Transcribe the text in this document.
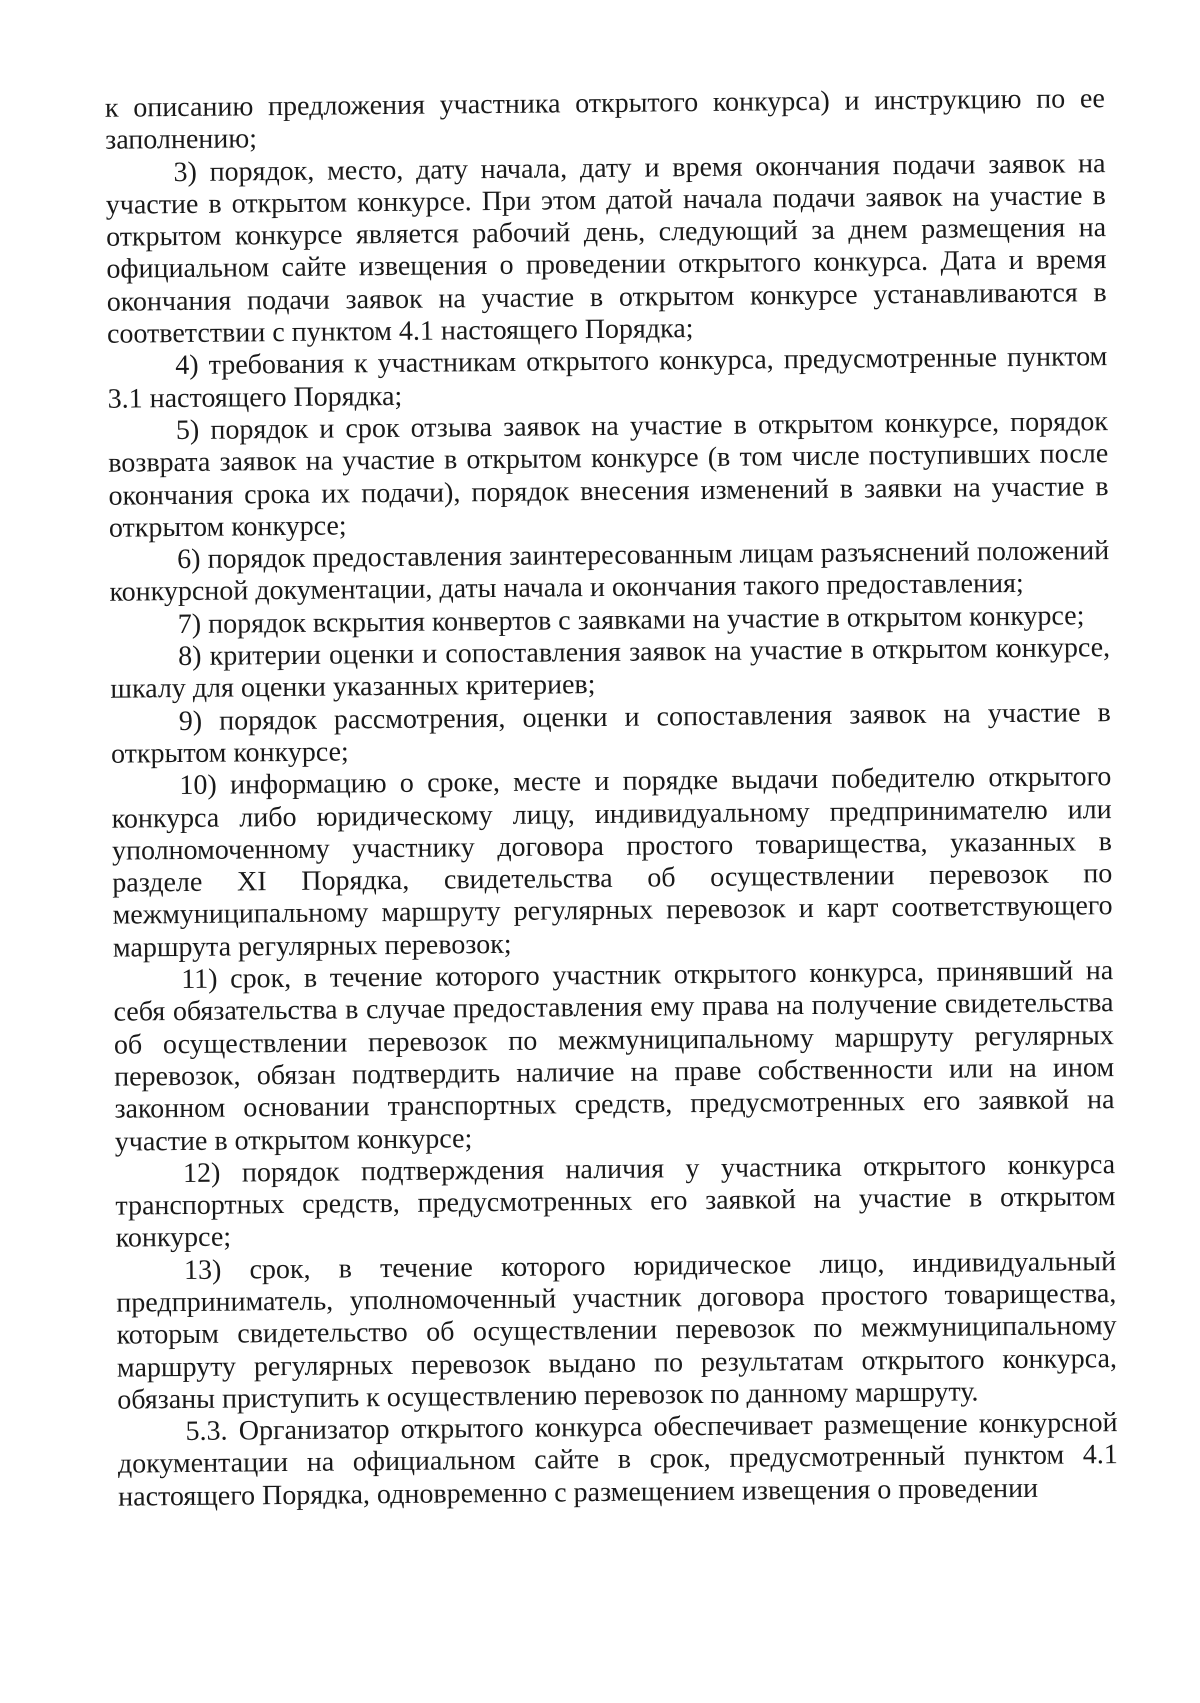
к описанию предложения участника открытого конкурса) и инструкцию по ее заполнению;

3) порядок, место, дату начала, дату и время окончания подачи заявок на участие в открытом конкурсе. При этом датой начала подачи заявок на участие в открытом конкурсе является рабочий день, следующий за днем размещения на официальном сайте извещения о проведении открытого конкурса. Дата и время окончания подачи заявок на участие в открытом конкурсе устанавливаются в соответствии с пунктом 4.1 настоящего Порядка;

4) требования к участникам открытого конкурса, предусмотренные пунктом 3.1 настоящего Порядка;

5) порядок и срок отзыва заявок на участие в открытом конкурсе, порядок возврата заявок на участие в открытом конкурсе (в том числе поступивших после окончания срока их подачи), порядок внесения изменений в заявки на участие в открытом конкурсе;

6) порядок предоставления заинтересованным лицам разъяснений положений конкурсной документации, даты начала и окончания такого предоставления;

7) порядок вскрытия конвертов с заявками на участие в открытом конкурсе;

8) критерии оценки и сопоставления заявок на участие в открытом конкурсе, шкалу для оценки указанных критериев;

9) порядок рассмотрения, оценки и сопоставления заявок на участие в открытом конкурсе;

10) информацию о сроке, месте и порядке выдачи победителю открытого конкурса либо юридическому лицу, индивидуальному предпринимателю или уполномоченному участнику договора простого товарищества, указанных в разделе XI Порядка, свидетельства об осуществлении перевозок по межмуниципальному маршруту регулярных перевозок и карт соответствующего маршрута регулярных перевозок;

11) срок, в течение которого участник открытого конкурса, принявший на себя обязательства в случае предоставления ему права на получение свидетельства об осуществлении перевозок по межмуниципальному маршруту регулярных перевозок, обязан подтвердить наличие на праве собственности или на ином законном основании транспортных средств, предусмотренных его заявкой на участие в открытом конкурсе;

12) порядок подтверждения наличия у участника открытого конкурса транспортных средств, предусмотренных его заявкой на участие в открытом конкурсе;

13) срок, в течение которого юридическое лицо, индивидуальный предприниматель, уполномоченный участник договора простого товарищества, которым свидетельство об осуществлении перевозок по межмуниципальному маршруту регулярных перевозок выдано по результатам открытого конкурса, обязаны приступить к осуществлению перевозок по данному маршруту.

5.3. Организатор открытого конкурса обеспечивает размещение конкурсной документации на официальном сайте в срок, предусмотренный пунктом 4.1 настоящего Порядка, одновременно с размещением извещения о проведении
